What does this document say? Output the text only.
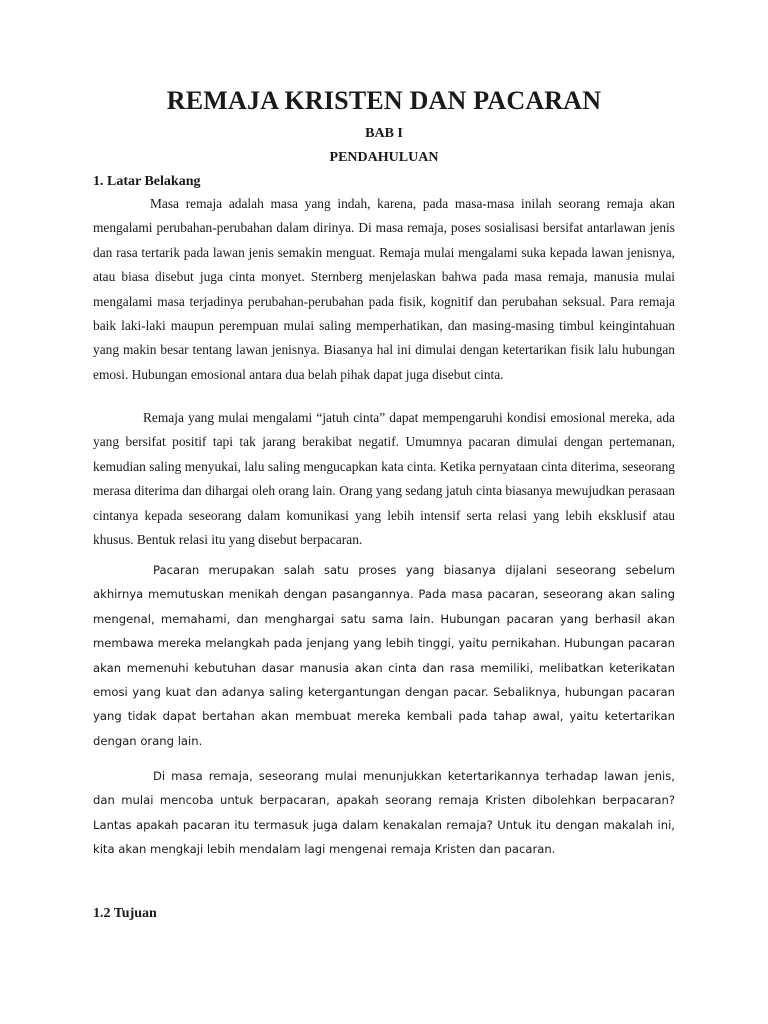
REMAJA KRISTEN DAN PACARAN
BAB I
PENDAHULUAN
1. Latar Belakang

Masa remaja adalah masa yang indah, karena, pada masa-masa inilah seorang remaja akan mengalami perubahan-perubahan dalam dirinya. Di masa remaja, poses sosialisasi bersifat antarlawan jenis dan rasa tertarik pada lawan jenis semakin menguat. Remaja mulai mengalami suka kepada lawan jenisnya, atau biasa disebut juga cinta monyet. Sternberg menjelaskan bahwa pada masa remaja, manusia mulai mengalami masa terjadinya perubahan-perubahan pada fisik, kognitif dan perubahan seksual. Para remaja baik laki-laki maupun perempuan mulai saling memperhatikan, dan masing-masing timbul keingintahuan yang makin besar tentang lawan jenisnya. Biasanya hal ini dimulai dengan ketertarikan fisik lalu hubungan emosi. Hubungan emosional antara dua belah pihak dapat juga disebut cinta.

Remaja yang mulai mengalami “jatuh cinta” dapat mempengaruhi kondisi emosional mereka, ada yang bersifat positif tapi tak jarang berakibat negatif. Umumnya pacaran dimulai dengan pertemanan, kemudian saling menyukai, lalu saling mengucapkan kata cinta. Ketika pernyataan cinta diterima, seseorang merasa diterima dan dihargai oleh orang lain. Orang yang sedang jatuh cinta biasanya mewujudkan perasaan cintanya kepada seseorang dalam komunikasi yang lebih intensif serta relasi yang lebih eksklusif atau khusus. Bentuk relasi itu yang disebut berpacaran.

Pacaran merupakan salah satu proses yang biasanya dijalani seseorang sebelum akhirnya memutuskan menikah dengan pasangannya. Pada masa pacaran, seseorang akan saling mengenal, memahami, dan menghargai satu sama lain. Hubungan pacaran yang berhasil akan membawa mereka melangkah pada jenjang yang lebih tinggi, yaitu pernikahan. Hubungan pacaran akan memenuhi kebutuhan dasar manusia akan cinta dan rasa memiliki, melibatkan keterikatan emosi yang kuat dan adanya saling ketergantungan dengan pacar. Sebaliknya, hubungan pacaran yang tidak dapat bertahan akan membuat mereka kembali pada tahap awal, yaitu ketertarikan dengan orang lain.

Di masa remaja, seseorang mulai menunjukkan ketertarikannya terhadap lawan jenis, dan mulai mencoba untuk berpacaran, apakah seorang remaja Kristen dibolehkan berpacaran? Lantas apakah pacaran itu termasuk juga dalam kenakalan remaja? Untuk itu dengan makalah ini, kita akan mengkaji lebih mendalam lagi mengenai remaja Kristen dan pacaran.

1.2 Tujuan
